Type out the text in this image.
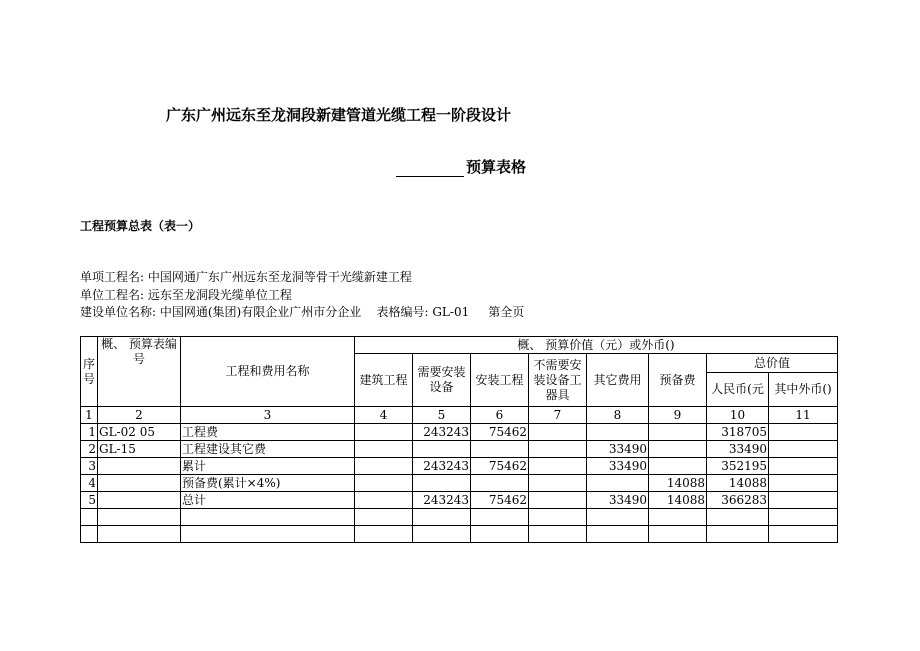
广东广州远东至龙洞段新建管道光缆工程一阶段设计
预算表格
工程预算总表（表一）
单项工程名: 中国网通广东广州远东至龙洞等骨干光缆新建工程
单位工程名: 远东至龙洞段光缆单位工程
建设单位名称: 中国网通(集团)有限企业广州市分企业    表格编号: GL-01     第全页
序号	概、 预算表编号	工程和费用名称	概、 预算价值（元）或外币()							
			建筑工程	需要安装设备	安装工程	不需要安装设备工器具	其它费用	预备费	总价值	
									人民币(元	其中外币()
1	2	3	4	5	6	7	8	9	10	11
1	GL-02 05	工程费		243243	75462				318705	
2	GL-15	工程建设其它费					33490		33490	
3		累计		243243	75462		33490		352195	
4		预备费(累计×4%)						14088	14088	
5		总计		243243	75462		33490	14088	366283	
